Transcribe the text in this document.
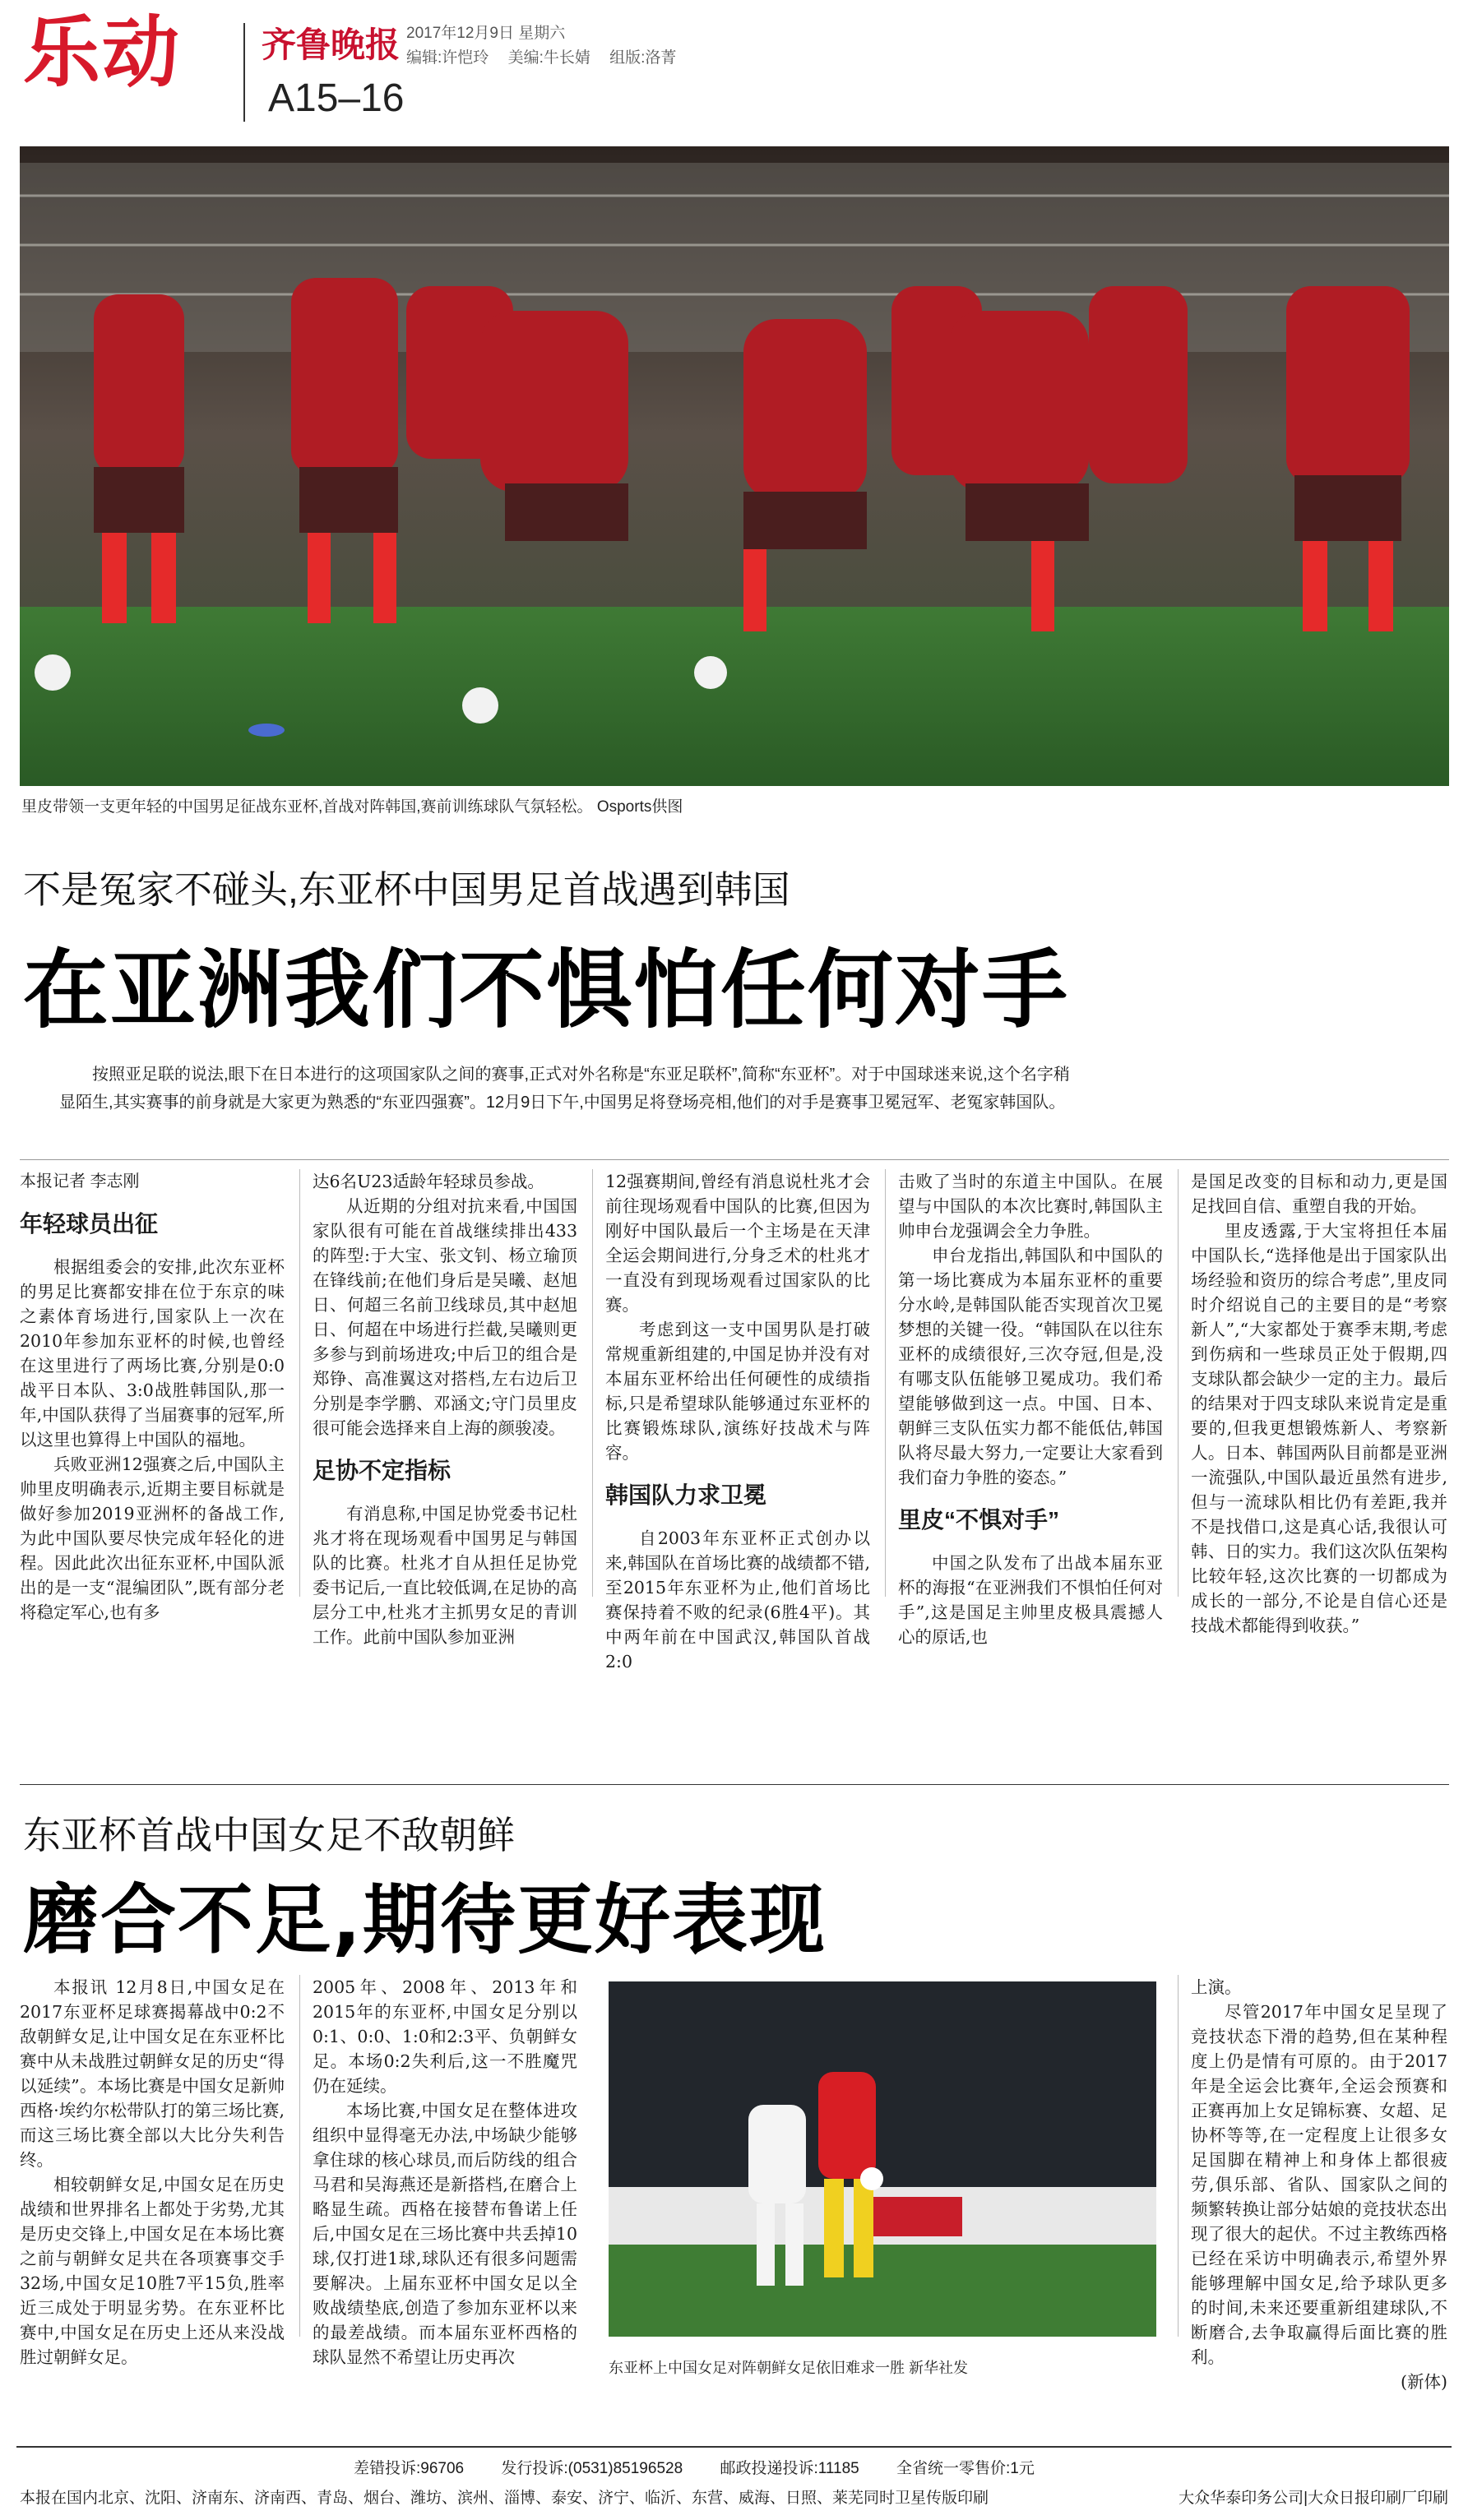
乐动 齐鲁晚报
A15–16
2017年12月9日 星期六
编辑:许恺玲 美编:牛长婧 组版:洛菁
里皮带领一支更年轻的中国男足征战东亚杯,首战对阵韩国,赛前训练球队气氛轻松。 Osports供图
不是冤家不碰头,东亚杯中国男足首战遇到韩国
在亚洲我们不惧怕任何对手
按照亚足联的说法,眼下在日本进行的这项国家队之间的赛事,正式对外名称是“东亚足联杯”,简称“东亚杯”。对于中国球迷来说,这个名字稍显陌生,其实赛事的前身就是大家更为熟悉的“东亚四强赛”。12月9日下午,中国男足将登场亮相,他们的对手是赛事卫冕冠军、老冤家韩国队。
本报记者 李志刚
年轻球员出征

根据组委会的安排,此次东亚杯的男足比赛都安排在位于东京的味之素体育场进行,国家队上一次在2010年参加东亚杯的时候,也曾经在这里进行了两场比赛,分别是0:0战平日本队、3:0战胜韩国队,那一年,中国队获得了当届赛事的冠军,所以这里也算得上中国队的福地。

兵败亚洲12强赛之后,中国队主帅里皮明确表示,近期主要目标就是做好参加2019亚洲杯的备战工作,为此中国队要尽快完成年轻化的进程。因此此次出征东亚杯,中国队派出的是一支“混编团队”,既有部分老将稳定军心,也有多

达6名U23适龄年轻球员参战。

从近期的分组对抗来看,中国国家队很有可能在首战继续排出433的阵型:于大宝、张文钊、杨立瑜顶在锋线前;在他们身后是吴曦、赵旭日、何超三名前卫线球员,其中赵旭日、何超在中场进行拦截,吴曦则更多参与到前场进攻;中后卫的组合是郑铮、高准翼这对搭档,左右边后卫分别是李学鹏、邓涵文;守门员里皮很可能会选择来自上海的颜骏凌。

足协不定指标

有消息称,中国足协党委书记杜兆才将在现场观看中国男足与韩国队的比赛。杜兆才自从担任足协党委书记后,一直比较低调,在足协的高层分工中,杜兆才主抓男女足的青训工作。此前中国队参加亚洲

12强赛期间,曾经有消息说杜兆才会前往现场观看中国队的比赛,但因为刚好中国队最后一个主场是在天津全运会期间进行,分身乏术的杜兆才一直没有到现场观看过国家队的比赛。

考虑到这一支中国男队是打破常规重新组建的,中国足协并没有对本届东亚杯给出任何硬性的成绩指标,只是希望球队能够通过东亚杯的比赛锻炼球队,演练好技战术与阵容。

韩国队力求卫冕

自2003年东亚杯正式创办以来,韩国队在首场比赛的战绩都不错,至2015年东亚杯为止,他们首场比赛保持着不败的纪录(6胜4平)。其中两年前在中国武汉,韩国队首战2:0

击败了当时的东道主中国队。在展望与中国队的本次比赛时,韩国队主帅申台龙强调会全力争胜。

申台龙指出,韩国队和中国队的第一场比赛成为本届东亚杯的重要分水岭,是韩国队能否实现首次卫冕梦想的关键一役。“韩国队在以往东亚杯的成绩很好,三次夺冠,但是,没有哪支队伍能够卫冕成功。我们希望能够做到这一点。中国、日本、朝鲜三支队伍实力都不能低估,韩国队将尽最大努力,一定要让大家看到我们奋力争胜的姿态。”

里皮“不惧对手”

中国之队发布了出战本届东亚杯的海报“在亚洲我们不惧怕任何对手”,这是国足主帅里皮极具震撼人心的原话,也

是国足改变的目标和动力,更是国足找回自信、重塑自我的开始。

里皮透露,于大宝将担任本届中国队长,“选择他是出于国家队出场经验和资历的综合考虑”,里皮同时介绍说自己的主要目的是“考察新人”,“大家都处于赛季末期,考虑到伤病和一些球员正处于假期,四支球队都会缺少一定的主力。最后的结果对于四支球队来说肯定是重要的,但我更想锻炼新人、考察新人。日本、韩国两队目前都是亚洲一流强队,中国队最近虽然有进步,但与一流球队相比仍有差距,我并不是找借口,这是真心话,我很认可韩、日的实力。我们这次队伍架构比较年轻,这次比赛的一切都成为成长的一部分,不论是自信心还是技战术都能得到收获。”

东亚杯首战中国女足不敌朝鲜
磨合不足,期待更好表现

本报讯 12月8日,中国女足在2017东亚杯足球赛揭幕战中0:2不敌朝鲜女足,让中国女足在东亚杯比赛中从未战胜过朝鲜女足的历史“得以延续”。本场比赛是中国女足新帅西格·埃约尔松带队打的第三场比赛,而这三场比赛全部以大比分失利告终。

相较朝鲜女足,中国女足在历史战绩和世界排名上都处于劣势,尤其是历史交锋上,中国女足在本场比赛之前与朝鲜女足共在各项赛事交手32场,中国女足10胜7平15负,胜率近三成处于明显劣势。在东亚杯比赛中,中国女足在历史上还从来没战胜过朝鲜女足。

2005年、2008年、2013年和2015年的东亚杯,中国女足分别以0:1、0:0、1:0和2:3平、负朝鲜女足。本场0:2失利后,这一不胜魔咒仍在延续。

本场比赛,中国女足在整体进攻组织中显得毫无办法,中场缺少能够拿住球的核心球员,而后防线的组合马君和吴海燕还是新搭档,在磨合上略显生疏。西格在接替布鲁诺上任后,中国女足在三场比赛中共丢掉10球,仅打进1球,球队还有很多问题需要解决。上届东亚杯中国女足以全败战绩垫底,创造了参加东亚杯以来的最差战绩。而本届东亚杯西格的球队显然不希望让历史再次

东亚杯上中国女足对阵朝鲜女足依旧难求一胜 新华社发

上演。

尽管2017年中国女足呈现了竞技状态下滑的趋势,但在某种程度上仍是情有可原的。由于2017年是全运会比赛年,全运会预赛和正赛再加上女足锦标赛、女超、足协杯等等,在一定程度上让很多女足国脚在精神上和身体上都很疲劳,俱乐部、省队、国家队之间的频繁转换让部分姑娘的竞技状态出现了很大的起伏。不过主教练西格已经在采访中明确表示,希望外界能够理解中国女足,给予球队更多的时间,未来还要重新组建球队,不断磨合,去争取赢得后面比赛的胜利。

(新体)
差错投诉:96706 发行投诉:(0531)85196528 邮政投递投诉:11185 全省统一零售价:1元
本报在国内北京、沈阳、济南东、济南西、青岛、烟台、潍坊、滨州、淄博、泰安、济宁、临沂、东营、威海、日照、莱芜同时卫星传版印刷	大众华泰印务公司|大众日报印刷厂印刷
